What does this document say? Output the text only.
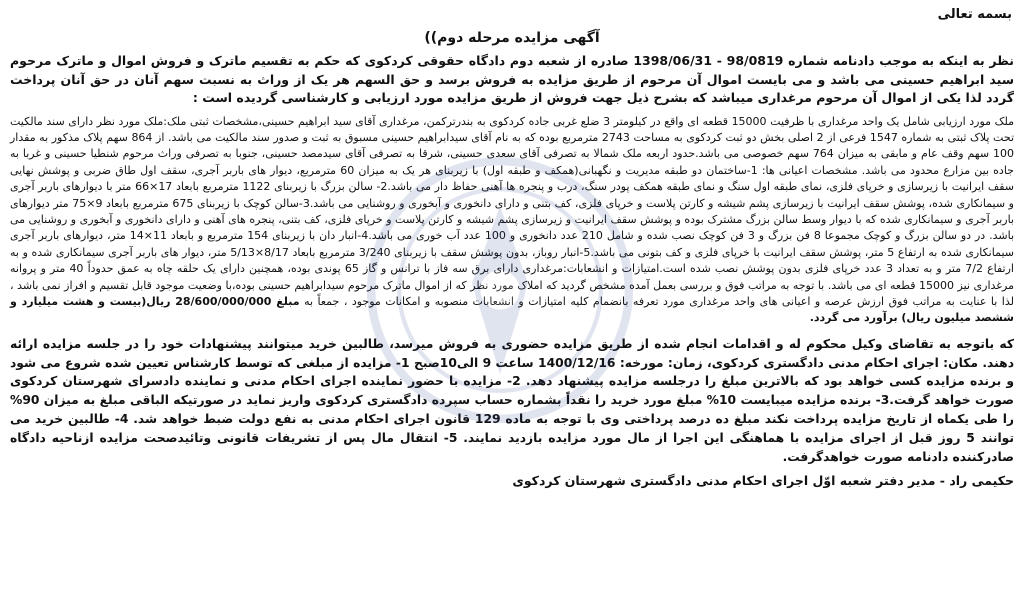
بسمه تعالی
آگهی مزایده مرحله دوم))

نظر به اینکه به موجب دادنامه شماره 98/0819 - 1398/06/31 صادره از شعبه دوم دادگاه حقوقی کردکوی که حکم به تقسیم ماترک و فروش اموال و ماترک مرحوم سید ابراهیم حسینی می باشد و می بایست اموال آن مرحوم از طریق مزایده به فروش برسد و حق السهم هر یک از وراث به نسبت سهم آنان در حق آنان پرداخت گردد لذا یکی از اموال آن مرحوم مرغداری میباشد که بشرح ذیل جهت فروش از طریق مزایده مورد ارزیابی و کارشناسی گردیده است :

ملک مورد ارزیابی شامل یک واحد مرغداری با ظرفیت 15000 قطعه ای واقع در کیلومتر 3 ضلع غربی جاده کردکوی به بندرترکمن، مرغداری آقای سید ابراهیم حسینی،مشخصات ثبتی ملک:ملک مورد نظر دارای سند مالکیت تحت پلاک ثبتی به شماره 1547 فرعی از 2 اصلی بخش دو ثبت کردکوی به مساحت 2743 مترمربع بوده که به نام آقای سیدابراهیم حسینی مسبوق به ثبت و صدور سند مالکیت می باشد. از 864 سهم پلاک مذکور به مقدار 100 سهم وقف عام و مابقی به میزان 764 سهم خصوصی می باشد.حدود اربعه ملک شمالا به تصرفی آقای سعدی حسینی، شرقا به تصرفی آقای سیدمصد حسینی، جنوبا به تصرفی وراث مرحوم شنطیا حسینی و غربا به جاده بین مزارع محدود می باشد. مشخصات اعیانی ها: 1-ساختمان دو طبقه مدیریت و نگهبانی(همکف و طبقه اول) با زیربنای هر یک به میزان 60 مترمربع، دیوار های باربر آجری، سقف اول طاق ضربی و پوشش نهایی سقف ایرانیت با زیرسازی و خرپای فلزی، نمای طبقه اول سنگ و نمای طبقه همکف پودر سنگ، درب و پنجره ها آهنی حفاظ دار می باشد.2- سالن بزرگ با زیربنای 1122 مترمربع بابعاد 17×66 متر با دیوارهای باربر آجری و سیمانکاری شده، پوشش سقف ایرانیت با زیرسازی پشم شیشه و کارتن پلاست و خرپای فلزی، کف بتنی و دارای دانخوری و آبخوری و روشنایی می باشد.3-سالن کوچک با زیربنای 675 مترمربع بابعاد 9×75 متر دیوارهای باربر آجری و سیمانکاری شده که با دیوار وسط سالن بزرگ مشترک بوده و پوشش سقف ایرانیت و زیرسازی پشم شیشه و کارتن پلاست و خرپای فلزی، کف بتنی، پنجره های آهنی و دارای دانخوری و آبخوری و روشنایی می باشد. در دو سالن بزرگ و کوچک مجموعا 8 فن بزرگ و 3 فن کوچک نصب شده و شامل 210 عدد دانخوری و 100 عدد آب خوری می باشد.4-انبار دان با زیربنای 154 مترمربع و بابعاد 11×14 متر، دیوارهای باربر آجری سیمانکاری شده به ارتفاع 5 متر، پوشش سقف ایرانیت با خرپای فلزی و کف بتونی می باشد.5-انبار روباز، بدون پوشش سقف با زیربنای 3/240 مترمربع بابعاد 8/17×5/13 متر، دیوار های باربر آجری سیمانکاری شده و به ارتفاع 7/2 متر و به تعداد 3 عدد خرپای فلزی بدون پوشش نصب شده است.امتیازات و انشعابات:مرغداری دارای برق سه فاز با ترانس و گاز 65 پوندی بوده، همچنین دارای یک حلقه چاه به عمق حدوداً 40 متر و پروانه مرغداری نیز 15000 قطعه ای می باشد. با توجه به مراتب فوق و بررسی بعمل آمده مشخص گردید که املاک مورد نظر که از اموال ماترک مرحوم سیدابراهیم حسینی بوده،با وضعیت موجود قابل تقسیم و افراز نمی باشد ، لذا با عنایت به مراتب فوق ارزش عرصه و اعیانی های واحد مرغداری مورد تعرفه بانضمام کلیه امتیازات و انشعابات منصوبه و امکانات موجود ، جمعاً به مبلغ 28/600/000/000 ریال(بیست و هشت میلیارد و ششصد میلیون ریال) برآورد می گردد.

که باتوجه به تقاضای وکیل محکوم له و اقدامات انجام شده از طریق مزایده حضوری به فروش میرسد، طالبین خرید میتوانند پیشنهادات خود را در جلسه مزایده ارائه دهند. مکان: اجرای احکام مدنی دادگستری کردکوی، زمان: مورخه: 1400/12/16 ساعت 9 الی10صبح 1- مزایده از مبلغی که توسط کارشناس تعیین شده شروع می شود و برنده مزایده کسی خواهد بود که بالاترین مبلغ را درجلسه مزایده پیشنهاد دهد. 2- مزایده با حضور نماینده اجرای احکام مدنی و نماینده دادسرای شهرستان کردکوی صورت خواهد گرفت.3- برنده مزایده میبایست 10% مبلغ مورد خرید را نقداً بشماره حساب سپرده دادگستری کردکوی واریز نماید در صورتیکه الباقی مبلغ به میزان 90% را طی یکماه از تاریخ مزایده پرداخت نکند مبلغ ده درصد پرداختی وی با توجه به ماده 129 قانون اجرای احکام مدنی به نفع دولت ضبط خواهد شد. 4- طالبین خرید می توانند 5 روز قبل از اجرای مزایده با هماهنگی این اجرا از مال مورد مزایده بازدید نمایند. 5- انتقال مال پس از تشریفات قانونی وتائیدصحت مزایده ازناحیه دادگاه صادرکننده دادنامه صورت خواهدگرفت.

حکیمی راد - مدیر دفتر شعبه اوّل اجرای احکام مدنی دادگستری شهرستان کردکوی
